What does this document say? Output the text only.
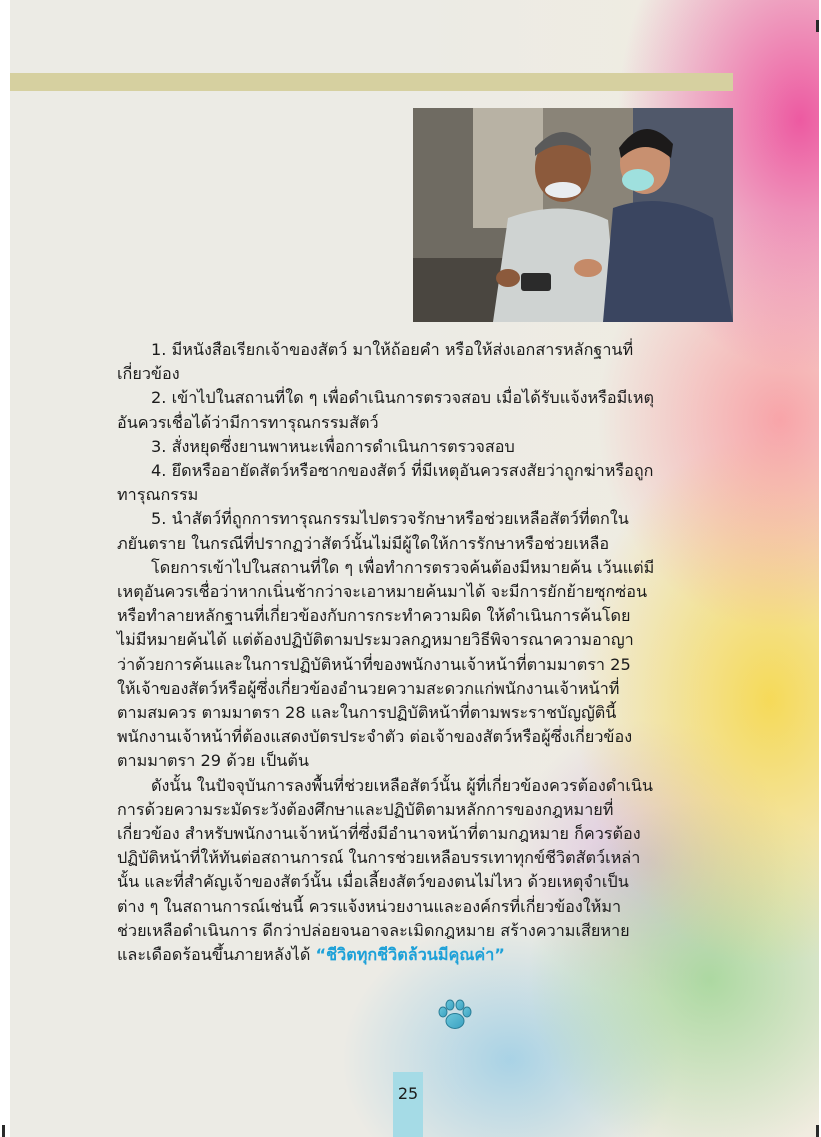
1. มีหนังสือเรียกเจ้าของสัตว์ มาให้ถ้อยคำ หรือให้ส่งเอกสารหลักฐานที่
เกี่ยวข้อง

2. เข้าไปในสถานที่ใด ๆ เพื่อดำเนินการตรวจสอบ เมื่อได้รับแจ้งหรือมีเหตุ
อันควรเชื่อได้ว่ามีการทารุณกรรมสัตว์

3. สั่งหยุดซึ่งยานพาหนะเพื่อการดำเนินการตรวจสอบ

4. ยึดหรืออายัดสัตว์หรือซากของสัตว์ ที่มีเหตุอันควรสงสัยว่าถูกฆ่าหรือถูก
ทารุณกรรม

5. นำสัตว์ที่ถูกการทารุณกรรมไปตรวจรักษาหรือช่วยเหลือสัตว์ที่ตกใน
ภยันตราย ในกรณีที่ปรากฏว่าสัตว์นั้นไม่มีผู้ใดให้การรักษาหรือช่วยเหลือ

โดยการเข้าไปในสถานที่ใด ๆ เพื่อทำการตรวจค้นต้องมีหมายค้น เว้นแต่มี
เหตุอันควรเชื่อว่าหากเนิ่นช้ากว่าจะเอาหมายค้นมาได้ จะมีการยักย้ายซุกซ่อน
หรือทำลายหลักฐานที่เกี่ยวข้องกับการกระทำความผิด ให้ดำเนินการค้นโดย
ไม่มีหมายค้นได้ แต่ต้องปฏิบัติตามประมวลกฎหมายวิธีพิจารณาความอาญา
ว่าด้วยการค้นและในการปฏิบัติหน้าที่ของพนักงานเจ้าหน้าที่ตามมาตรา 25
ให้เจ้าของสัตว์หรือผู้ซึ่งเกี่ยวข้องอำนวยความสะดวกแก่พนักงานเจ้าหน้าที่
ตามสมควร ตามมาตรา 28 และในการปฏิบัติหน้าที่ตามพระราชบัญญัตินี้
พนักงานเจ้าหน้าที่ต้องแสดงบัตรประจำตัว ต่อเจ้าของสัตว์หรือผู้ซึ่งเกี่ยวข้อง
ตามมาตรา 29 ด้วย เป็นต้น

ดังนั้น ในปัจจุบันการลงพื้นที่ช่วยเหลือสัตว์นั้น ผู้ที่เกี่ยวข้องควรต้องดำเนิน
การด้วยความระมัดระวังต้องศึกษาและปฏิบัติตามหลักการของกฎหมายที่
เกี่ยวข้อง สำหรับพนักงานเจ้าหน้าที่ซึ่งมีอำนาจหน้าที่ตามกฎหมาย ก็ควรต้อง
ปฏิบัติหน้าที่ให้ทันต่อสถานการณ์ ในการช่วยเหลือบรรเทาทุกข์ชีวิตสัตว์เหล่า
นั้น และที่สำคัญเจ้าของสัตว์นั้น เมื่อเลี้ยงสัตว์ของตนไม่ไหว ด้วยเหตุจำเป็น
ต่าง ๆ ในสถานการณ์เช่นนี้ ควรแจ้งหน่วยงานและองค์กรที่เกี่ยวข้องให้มา
ช่วยเหลือดำเนินการ ดีกว่าปล่อยจนอาจละเมิดกฎหมาย สร้างความเสียหาย
และเดือดร้อนขึ้นภายหลังได้ “ชีวิตทุกชีวิตล้วนมีคุณค่า”

25
